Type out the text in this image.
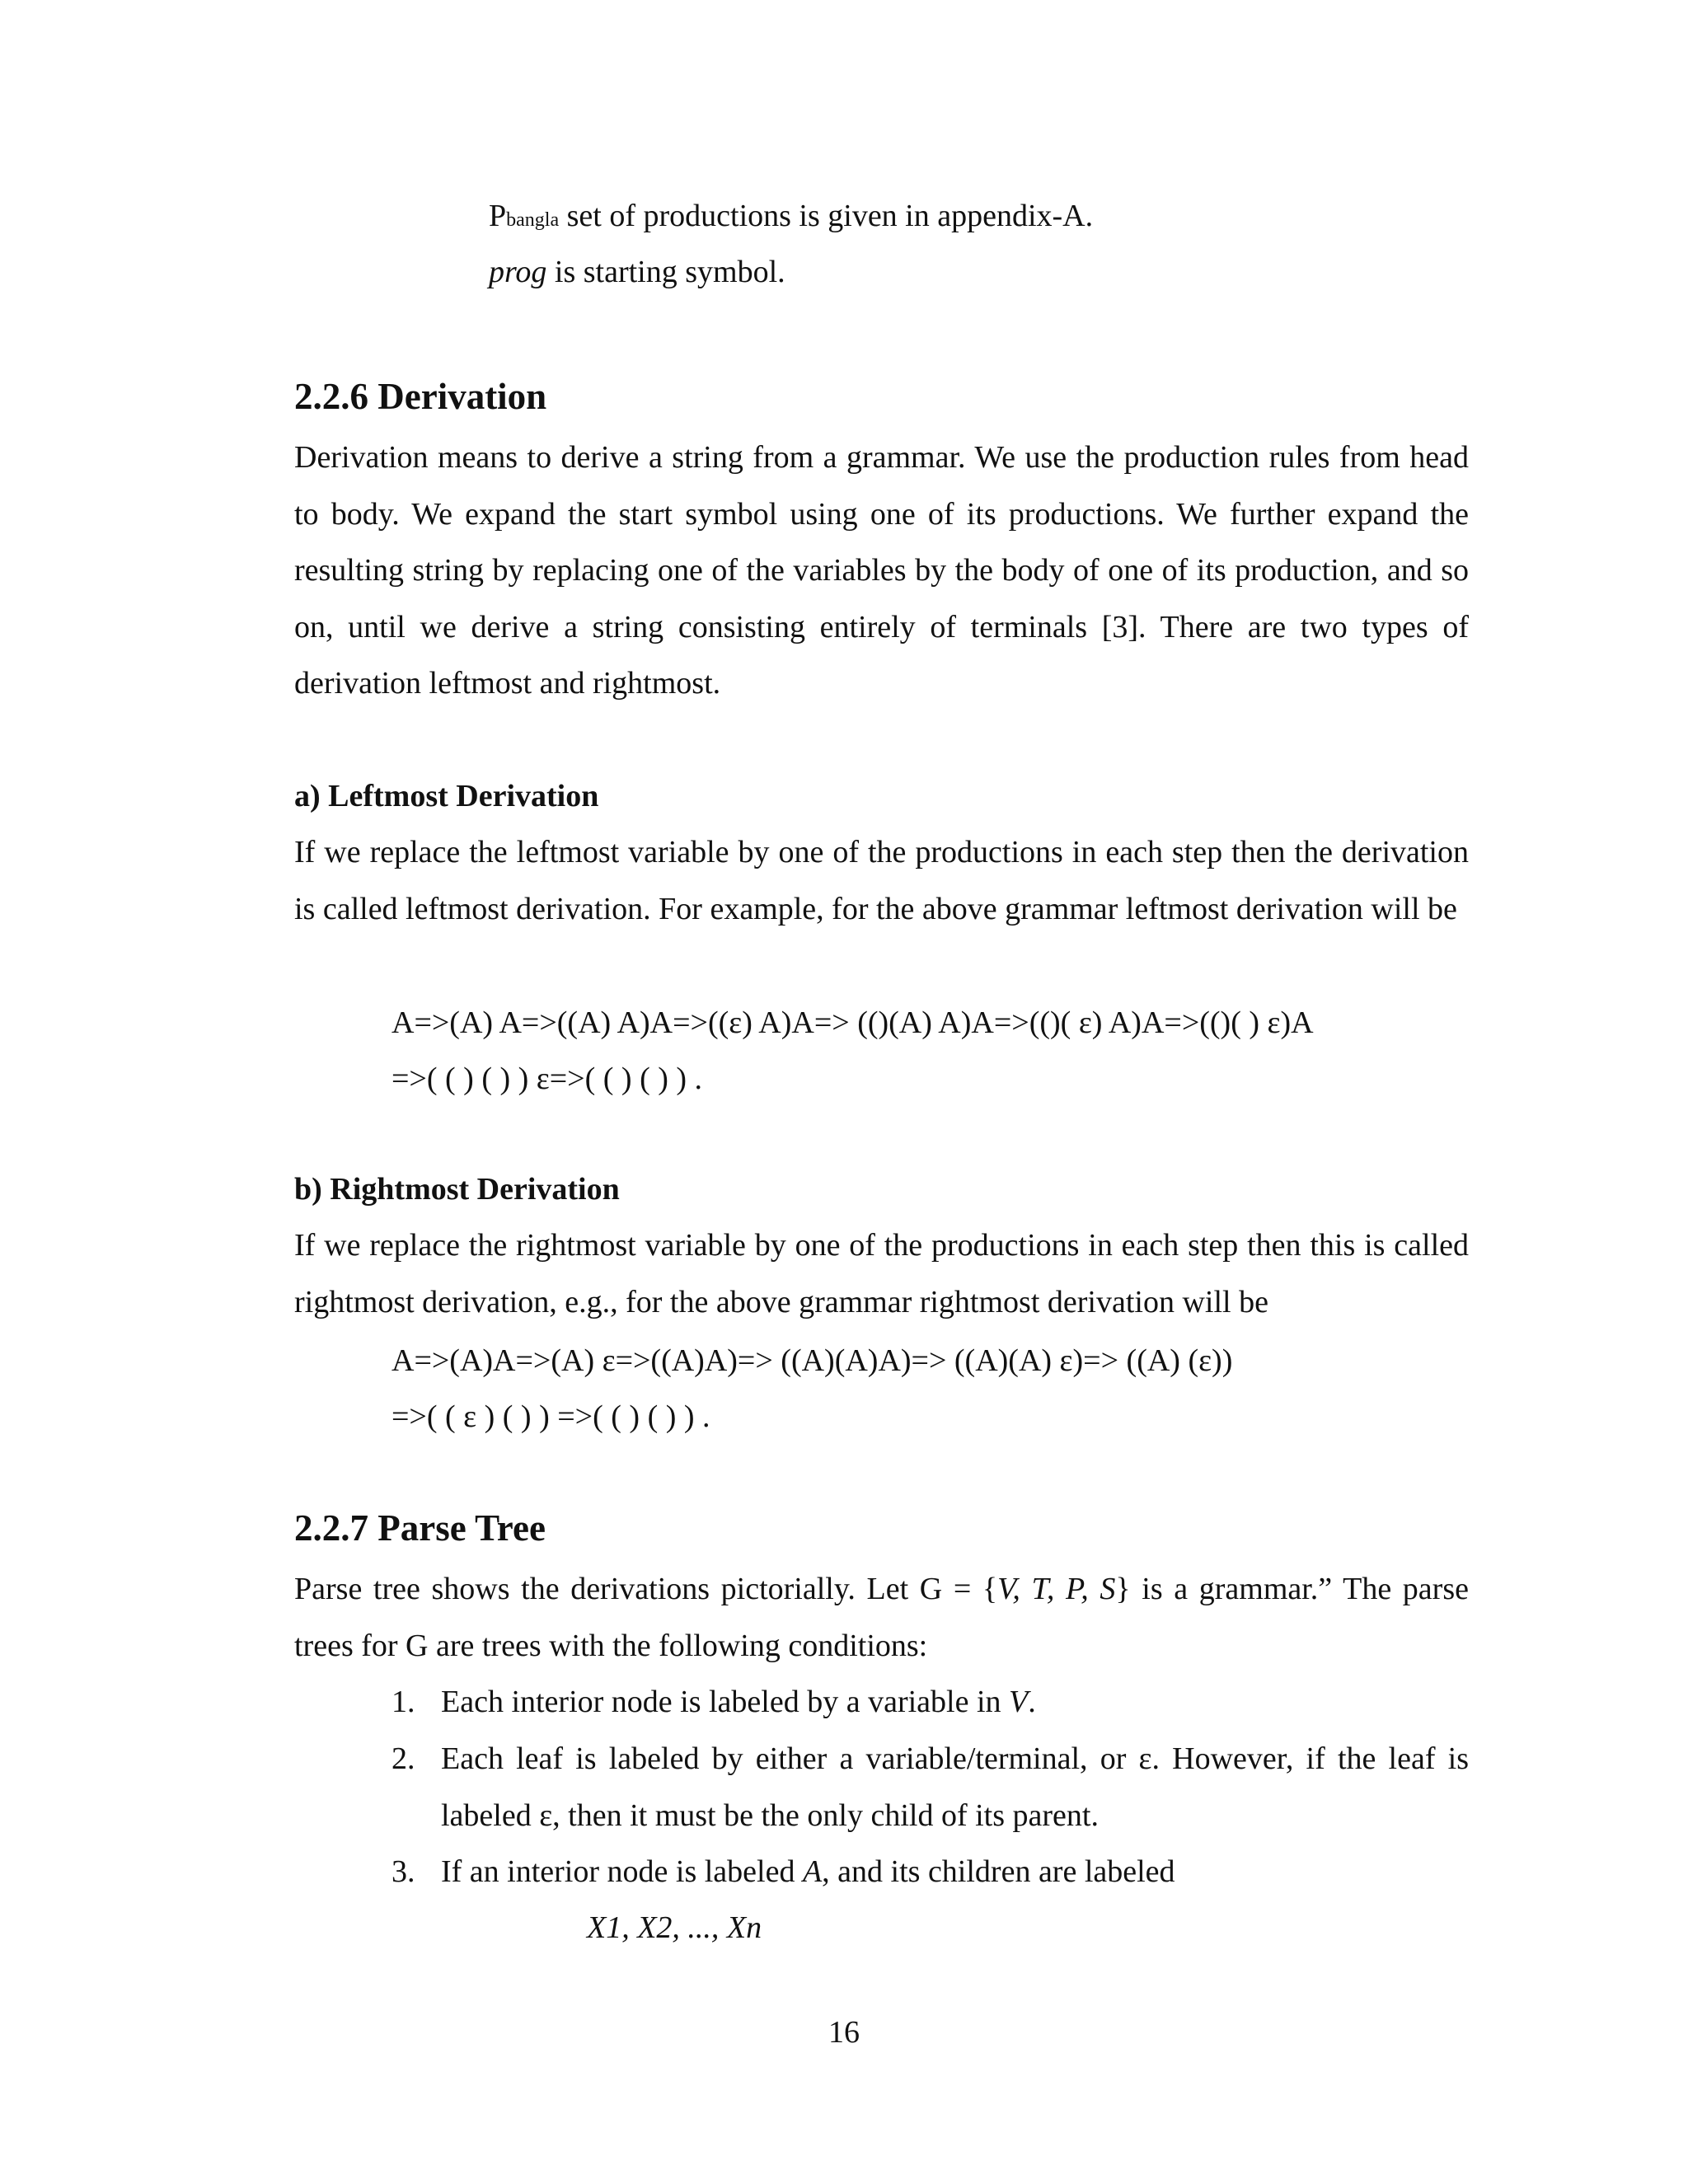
Pbangla set of productions is given in appendix-A.
prog is starting symbol.
2.2.6 Derivation
Derivation means to derive a string from a grammar. We use the production rules from head to body. We expand the start symbol using one of its productions. We further expand the resulting string by replacing one of the variables by the body of one of its production, and so on, until we derive a string consisting entirely of terminals [3]. There are two types of derivation leftmost and rightmost.
a) Leftmost Derivation
If we replace the leftmost variable by one of the productions in each step then the derivation is called leftmost derivation. For example, for the above grammar leftmost derivation will be
A=>(A) A=>((A) A)A=>((ε) A)A=> (()(A) A)A=>(()( ε) A)A=>(()( ) ε)A
=>( ( ) ( ) ) ε=>( ( ) ( ) ) .
b) Rightmost Derivation
If we replace the rightmost variable by one of the productions in each step then this is called rightmost derivation, e.g., for the above grammar rightmost derivation will be
A=>(A)A=>(A) ε=>((A)A)=> ((A)(A)A)=> ((A)(A) ε)=> ((A) (ε))
=>( ( ε ) ( ) ) =>( ( ) ( ) ) .
2.2.7 Parse Tree
Parse tree shows the derivations pictorially. Let G = {V, T, P, S} is a grammar.” The parse trees for G are trees with the following conditions:
1. Each interior node is labeled by a variable in V.
2. Each leaf is labeled by either a variable/terminal, or ε. However, if the leaf is labeled ε, then it must be the only child of its parent.
3. If an interior node is labeled A, and its children are labeled
X1, X2, ..., Xn
16
